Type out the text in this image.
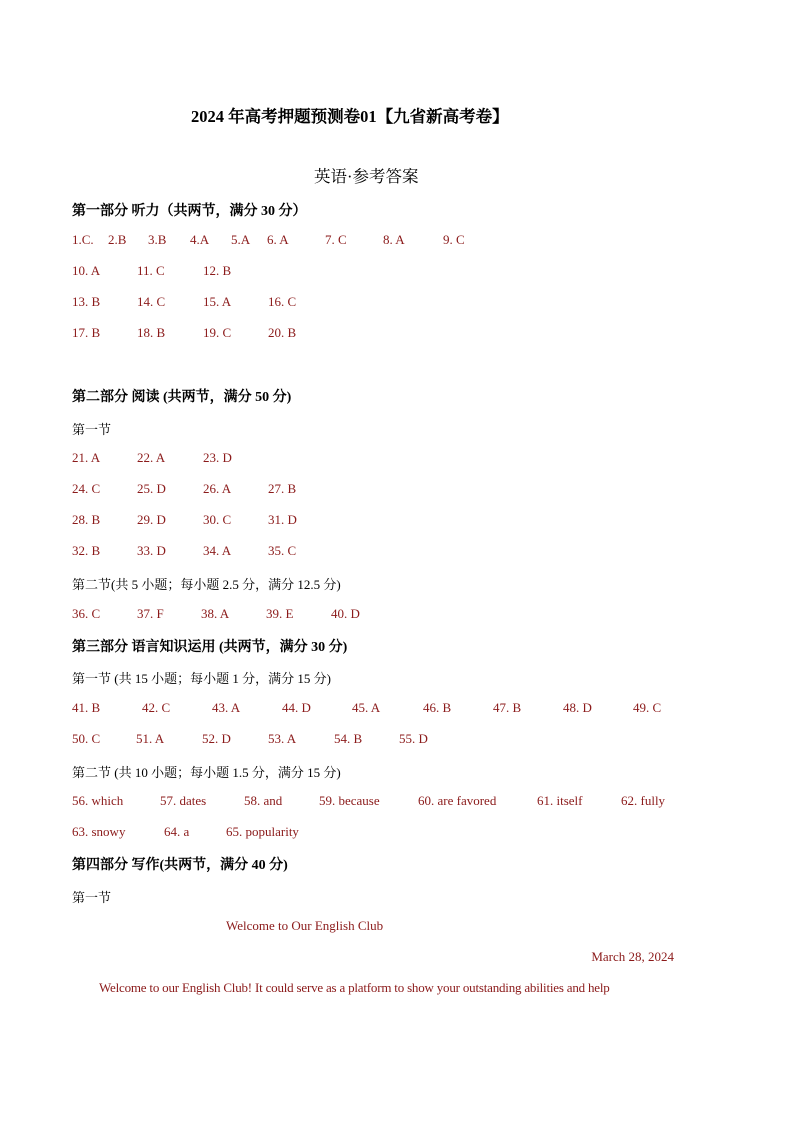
2024 年高考押题预测卷01【九省新高考卷】
英语·参考答案
第一部分 听力（共两节，满分 30 分）
1.C. 2.B 3.B 4.A 5.A 6. A	7. C	8. A	9. C
10. A	11. C	12. B
13. B	14. C	15. A	16. C
17. B	18. B	19. C	20. B
第二部分 阅读 (共两节，满分 50 分)
第一节
21. A	22. A	23. D
24. C	25. D	26. A	27. B
28. B	29. D	30. C	31. D
32. B	33. D	34. A	35. C
第二节(共 5 小题；每小题 2.5 分，满分 12.5 分)
36. C	37. F	38. A	39. E	40. D
第三部分 语言知识运用 (共两节，满分 30 分)
第一节 (共 15 小题；每小题 1 分，满分 15 分)
41. B	42. C	43. A	44. D	45. A	46. B	47. B	48. D	49. C
50. C	51. A	52. D	53. A	54. B	55. D
第二节 (共 10 小题；每小题 1.5 分，满分 15 分)
56. which	57. dates	58. and	59. because	60. are favored	61. itself	62. fully
63. snowy	64. a	65. popularity
第四部分 写作(共两节，满分 40 分)
第一节
Welcome to Our English Club
March 28, 2024
Welcome to our English Club! It could serve as a platform to show your outstanding abilities and help
